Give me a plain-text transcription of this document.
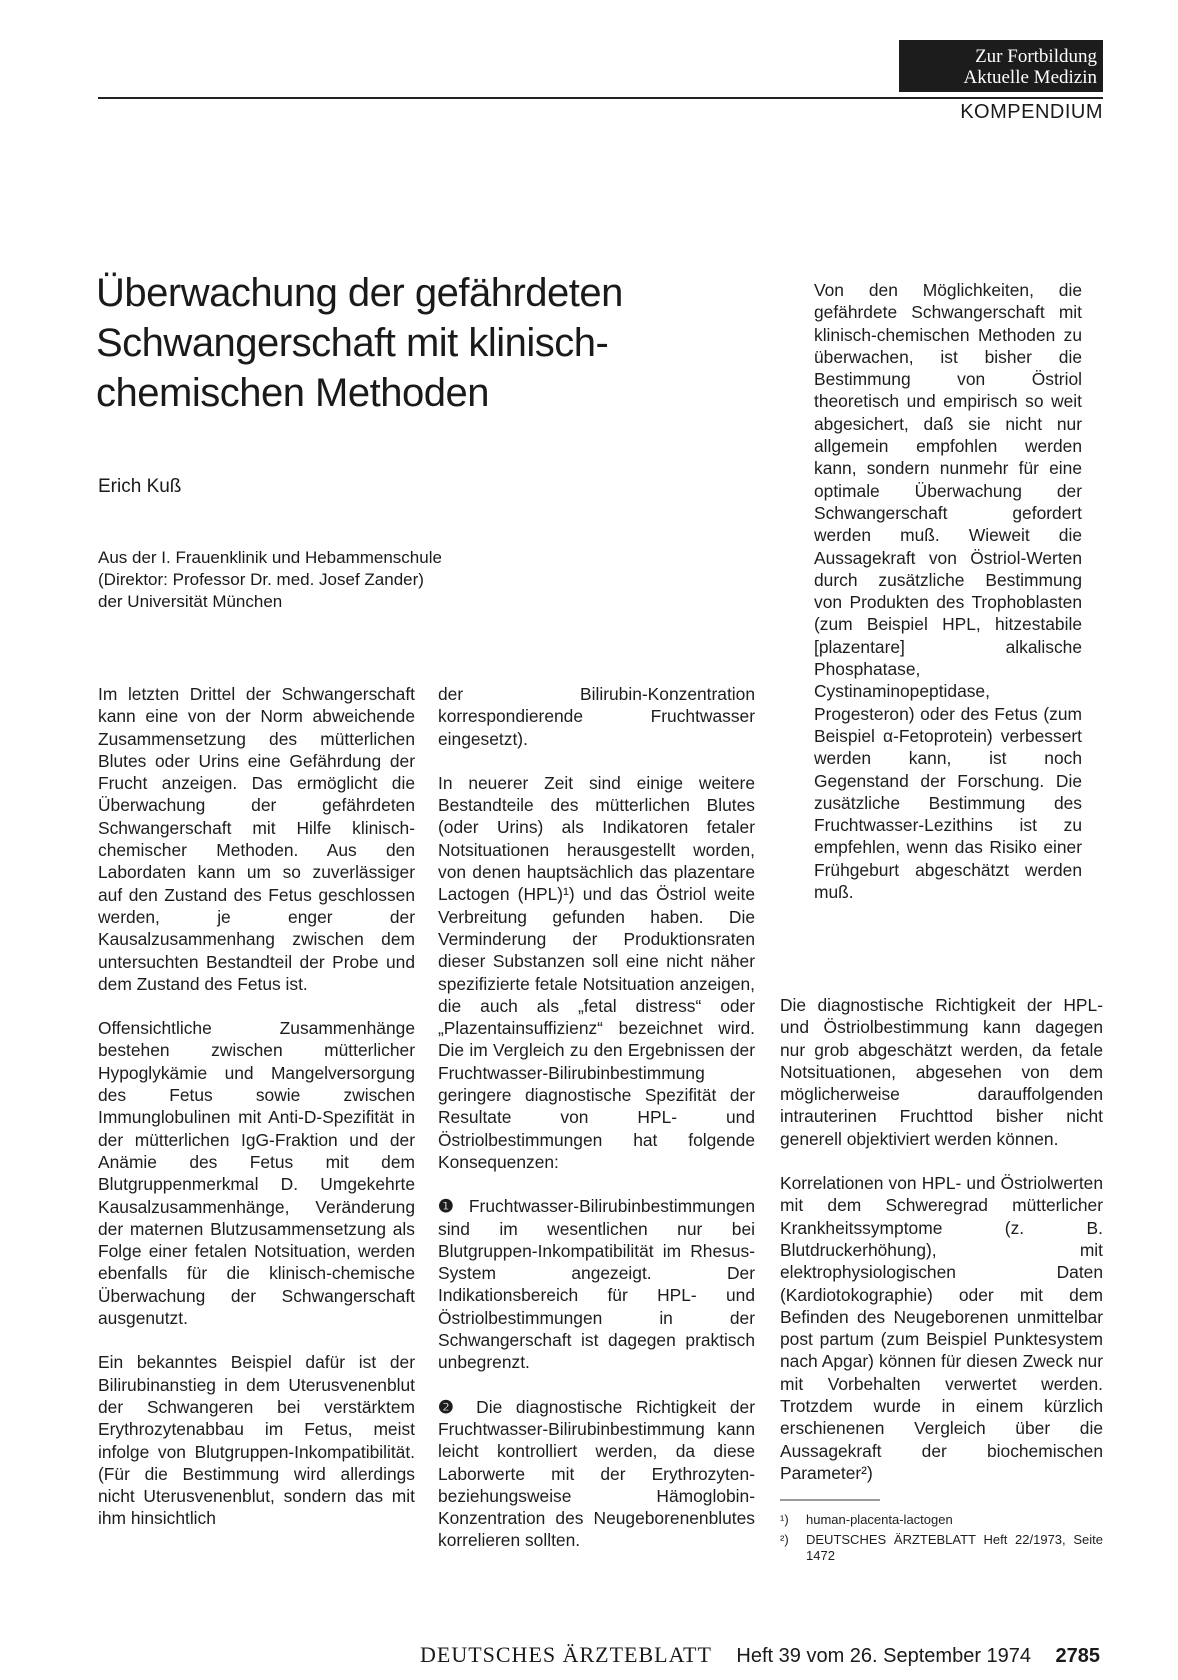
Zur Fortbildung
Aktuelle Medizin
KOMPENDIUM
Überwachung der gefährdeten Schwangerschaft mit klinisch-chemischen Methoden
Erich Kuß
Aus der I. Frauenklinik und Hebammenschule
(Direktor: Professor Dr. med. Josef Zander)
der Universität München

Im letzten Drittel der Schwangerschaft kann eine von der Norm abweichende Zusammensetzung des mütterlichen Blutes oder Urins eine Gefährdung der Frucht anzeigen. Das ermöglicht die Überwachung der gefährdeten Schwangerschaft mit Hilfe klinisch-chemischer Methoden. Aus den Labordaten kann um so zuverlässiger auf den Zustand des Fetus geschlossen werden, je enger der Kausalzusammenhang zwischen dem untersuchten Bestandteil der Probe und dem Zustand des Fetus ist.

Offensichtliche Zusammenhänge bestehen zwischen mütterlicher Hypoglykämie und Mangelversorgung des Fetus sowie zwischen Immunglobulinen mit Anti-D-Spezifität in der mütterlichen IgG-Fraktion und der Anämie des Fetus mit dem Blutgruppenmerkmal D. Umgekehrte Kausalzusammenhänge, Veränderung der maternen Blutzusammensetzung als Folge einer fetalen Notsituation, werden ebenfalls für die klinisch-chemische Überwachung der Schwangerschaft ausgenutzt.

Ein bekanntes Beispiel dafür ist der Bilirubinanstieg in dem Uterusvenenblut der Schwangeren bei verstärktem Erythrozytenabbau im Fetus, meist infolge von Blutgruppen-Inkompatibilität. (Für die Bestimmung wird allerdings nicht Uterusvenenblut, sondern das mit ihm hinsichtlich

der Bilirubin-Konzentration korrespondierende Fruchtwasser eingesetzt).

In neuerer Zeit sind einige weitere Bestandteile des mütterlichen Blutes (oder Urins) als Indikatoren fetaler Notsituationen herausgestellt worden, von denen hauptsächlich das plazentare Lactogen (HPL)¹) und das Östriol weite Verbreitung gefunden haben. Die Verminderung der Produktionsraten dieser Substanzen soll eine nicht näher spezifizierte fetale Notsituation anzeigen, die auch als „fetal distress“ oder „Plazentainsuffizienz“ bezeichnet wird. Die im Vergleich zu den Ergebnissen der Fruchtwasser-Bilirubinbestimmung geringere diagnostische Spezifität der Resultate von HPL- und Östriolbestimmungen hat folgende Konsequenzen:

❶ Fruchtwasser-Bilirubinbestimmungen sind im wesentlichen nur bei Blutgruppen-Inkompatibilität im Rhesus-System angezeigt. Der Indikationsbereich für HPL- und Östriolbestimmungen in der Schwangerschaft ist dagegen praktisch unbegrenzt.

❷ Die diagnostische Richtigkeit der Fruchtwasser-Bilirubinbestimmung kann leicht kontrolliert werden, da diese Laborwerte mit der Erythrozyten- beziehungsweise Hämoglobin-Konzentration des Neugeborenenblutes korrelieren sollten.

Von den Möglichkeiten, die gefährdete Schwangerschaft mit klinisch-chemischen Methoden zu überwachen, ist bisher die Bestimmung von Östriol theoretisch und empirisch so weit abgesichert, daß sie nicht nur allgemein empfohlen werden kann, sondern nunmehr für eine optimale Überwachung der Schwangerschaft gefordert werden muß. Wieweit die Aussagekraft von Östriol-Werten durch zusätzliche Bestimmung von Produkten des Trophoblasten (zum Beispiel HPL, hitzestabile [plazentare] alkalische Phosphatase, Cystinaminopeptidase, Progesteron) oder des Fetus (zum Beispiel α-Fetoprotein) verbessert werden kann, ist noch Gegenstand der Forschung. Die zusätzliche Bestimmung des Fruchtwasser-Lezithins ist zu empfehlen, wenn das Risiko einer Frühgeburt abgeschätzt werden muß.

Die diagnostische Richtigkeit der HPL- und Östriolbestimmung kann dagegen nur grob abgeschätzt werden, da fetale Notsituationen, abgesehen von dem möglicherweise darauffolgenden intrauterinen Fruchttod bisher nicht generell objektiviert werden können.

Korrelationen von HPL- und Östriolwerten mit dem Schweregrad mütterlicher Krankheitssymptome (z. B. Blutdruckerhöhung), mit elektrophysiologischen Daten (Kardiotokographie) oder mit dem Befinden des Neugeborenen unmittelbar post partum (zum Beispiel Punktesystem nach Apgar) können für diesen Zweck nur mit Vorbehalten verwertet werden. Trotzdem wurde in einem kürzlich erschienenen Vergleich über die Aussagekraft der biochemischen Parameter²)

¹)	human-placenta-lactogen
²)	DEUTSCHES ÄRZTEBLATT Heft 22/1973, Seite 1472
DEUTSCHES ÄRZTEBLATT Heft 39 vom 26. September 1974 2785
